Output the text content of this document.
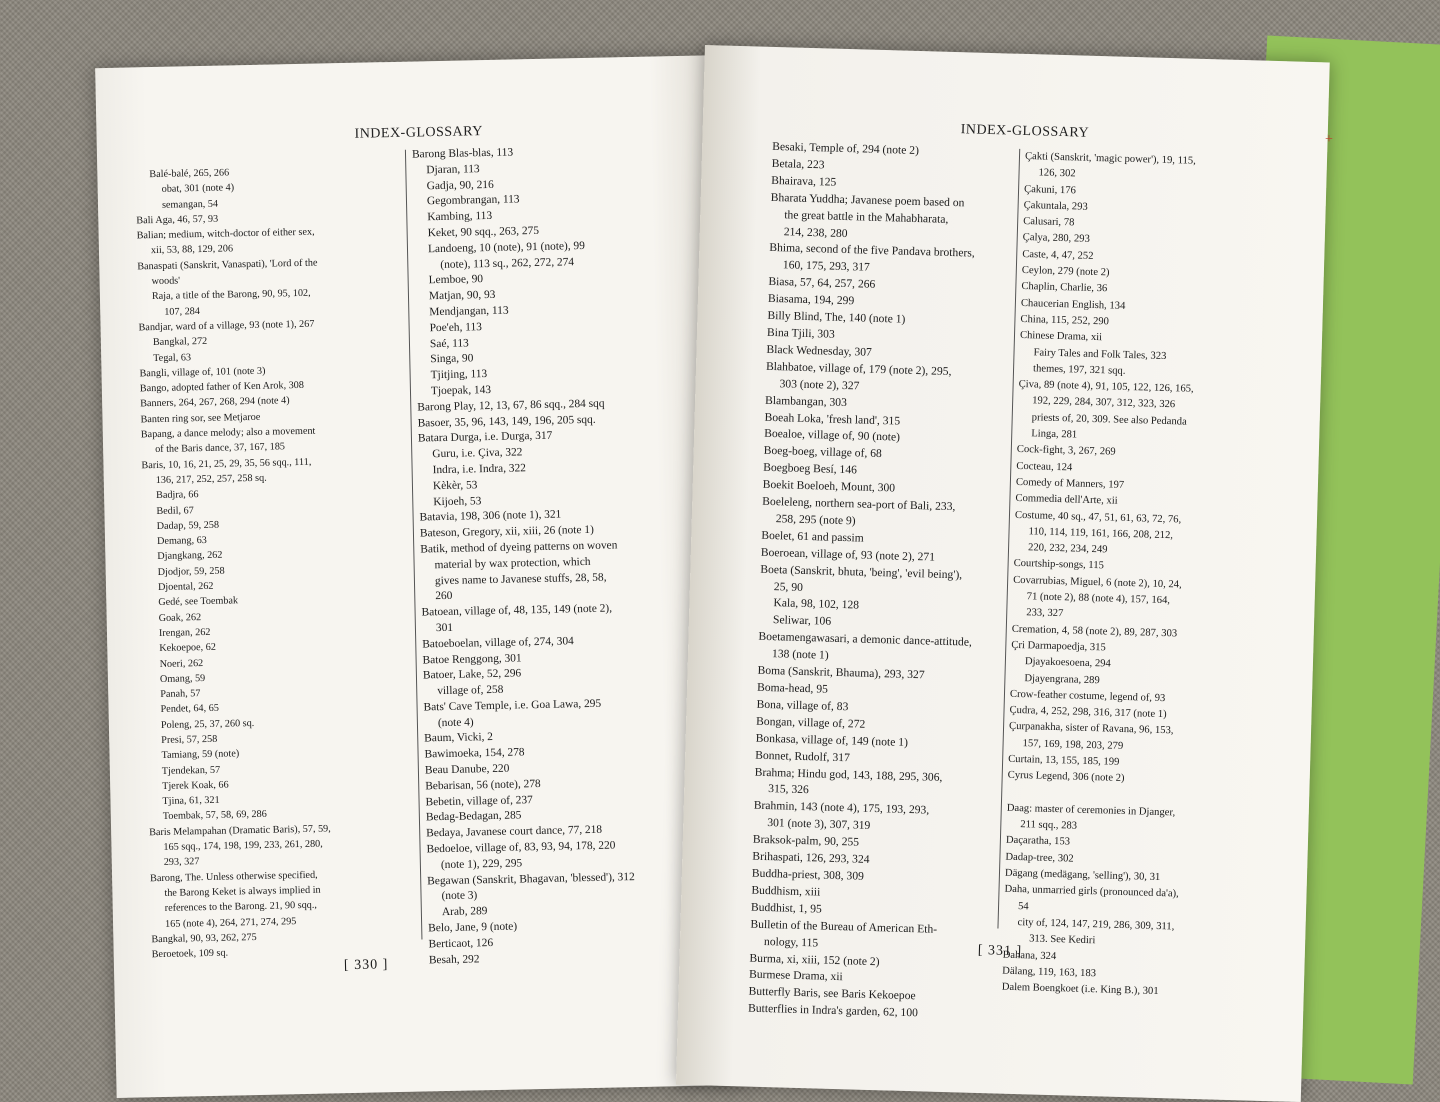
INDEX-GLOSSARY
Balé-balé, 265, 266
obat, 301 (note 4)
semangan, 54
Bali Aga, 46, 57, 93
Balian; medium, witch-doctor of either sex,
xii, 53, 88, 129, 206
Banaspati (Sanskrit, Vanaspati), 'Lord of the
woods'
Raja, a title of the Barong, 90, 95, 102,
107, 284
Bandjar, ward of a village, 93 (note 1), 267
Bangkal, 272
Tegal, 63
Bangli, village of, 101 (note 3)
Bango, adopted father of Ken Arok, 308
Banners, 264, 267, 268, 294 (note 4)
Banten ring sor, see Metjaroe
Bapang, a dance melody; also a movement
of the Baris dance, 37, 167, 185
Baris, 10, 16, 21, 25, 29, 35, 56 sqq., 111,
136, 217, 252, 257, 258 sq.
Badjra, 66
Bedil, 67
Dadap, 59, 258
Demang, 63
Djangkang, 262
Djodjor, 59, 258
Djoental, 262
Gedé, see Toembak
Goak, 262
Irengan, 262
Kekoepoe, 62
Noeri, 262
Omang, 59
Panah, 57
Pendet, 64, 65
Poleng, 25, 37, 260 sq.
Presi, 57, 258
Tamiang, 59 (note)
Tjendekan, 57
Tjerek Koak, 66
Tjina, 61, 321
Toembak, 57, 58, 69, 286
Baris Melampahan (Dramatic Baris), 57, 59,
165 sqq., 174, 198, 199, 233, 261, 280,
293, 327
Barong, The. Unless otherwise specified,
the Barong Keket is always implied in
references to the Barong. 21, 90 sqq.,
165 (note 4), 264, 271, 274, 295
Bangkal, 90, 93, 262, 275
Beroetoek, 109 sq.
Barong Blas-blas, 113
Djaran, 113
Gadja, 90, 216
Gegombrangan, 113
Kambing, 113
Keket, 90 sqq., 263, 275
Landoeng, 10 (note), 91 (note), 99
(note), 113 sq., 262, 272, 274
Lemboe, 90
Matjan, 90, 93
Mendjangan, 113
Poe'eh, 113
Saé, 113
Singa, 90
Tjitjing, 113
Tjoepak, 143
Barong Play, 12, 13, 67, 86 sqq., 284 sqq
Basoer, 35, 96, 143, 149, 196, 205 sqq.
Batara Durga, i.e. Durga, 317
Guru, i.e. Çiva, 322
Indra, i.e. Indra, 322
Kèkèr, 53
Kijoeh, 53
Batavia, 198, 306 (note 1), 321
Bateson, Gregory, xii, xiii, 26 (note 1)
Batik, method of dyeing patterns on woven
material by wax protection, which
gives name to Javanese stuffs, 28, 58,
260
Batoean, village of, 48, 135, 149 (note 2),
301
Batoeboelan, village of, 274, 304
Batoe Renggong, 301
Batoer, Lake, 52, 296
village of, 258
Bats' Cave Temple, i.e. Goa Lawa, 295
(note 4)
Baum, Vicki, 2
Bawimoeka, 154, 278
Beau Danube, 220
Bebarisan, 56 (note), 278
Bebetin, village of, 237
Bedag-Bedagan, 285
Bedaya, Javanese court dance, 77, 218
Bedoeloe, village of, 83, 93, 94, 178, 220
(note 1), 229, 295
Begawan (Sanskrit, Bhagavan, 'blessed'), 312
(note 3)
Arab, 289
Belo, Jane, 9 (note)
Berticaot, 126
Besah, 292
[ 330 ]
INDEX-GLOSSARY
Besaki, Temple of, 294 (note 2)
Betala, 223
Bhairava, 125
Bharata Yuddha; Javanese poem based on
the great battle in the Mahabharata,
214, 238, 280
Bhima, second of the five Pandava brothers,
160, 175, 293, 317
Biasa, 57, 64, 257, 266
Biasama, 194, 299
Billy Blind, The, 140 (note 1)
Bina Tjili, 303
Black Wednesday, 307
Blahbatoe, village of, 179 (note 2), 295,
303 (note 2), 327
Blambangan, 303
Boeah Loka, 'fresh land', 315
Boealoe, village of, 90 (note)
Boeg-boeg, village of, 68
Boegboeg Besí, 146
Boekit Boeloeh, Mount, 300
Boeleleng, northern sea-port of Bali, 233,
258, 295 (note 9)
Boelet, 61 and passim
Boeroean, village of, 93 (note 2), 271
Boeta (Sanskrit, bhuta, 'being', 'evil being'),
25, 90
Kala, 98, 102, 128
Seliwar, 106
Boetamengawasari, a demonic dance-attitude,
138 (note 1)
Boma (Sanskrit, Bhauma), 293, 327
Boma-head, 95
Bona, village of, 83
Bongan, village of, 272
Bonkasa, village of, 149 (note 1)
Bonnet, Rudolf, 317
Brahma; Hindu god, 143, 188, 295, 306,
315, 326
Brahmin, 143 (note 4), 175, 193, 293,
301 (note 3), 307, 319
Braksok-palm, 90, 255
Brihaspati, 126, 293, 324
Buddha-priest, 308, 309
Buddhism, xiii
Buddhist, 1, 95
Bulletin of the Bureau of American Eth-
nology, 115
Burma, xi, xiii, 152 (note 2)
Burmese Drama, xii
Butterfly Baris, see Baris Kekoepoe
Butterflies in Indra's garden, 62, 100
Çakti (Sanskrit, 'magic power'), 19, 115,
126, 302
Çakuni, 176
Çakuntala, 293
Calusari, 78
Çalya, 280, 293
Caste, 4, 47, 252
Ceylon, 279 (note 2)
Chaplin, Charlie, 36
Chaucerian English, 134
China, 115, 252, 290
Chinese Drama, xii
Fairy Tales and Folk Tales, 323
themes, 197, 321 sqq.
Çiva, 89 (note 4), 91, 105, 122, 126, 165,
192, 229, 284, 307, 312, 323, 326
priests of, 20, 309. See also Pedanda
Linga, 281
Cock-fight, 3, 267, 269
Cocteau, 124
Comedy of Manners, 197
Commedia dell'Arte, xii
Costume, 40 sq., 47, 51, 61, 63, 72, 76,
110, 114, 119, 161, 166, 208, 212,
220, 232, 234, 249
Courtship-songs, 115
Covarrubias, Miguel, 6 (note 2), 10, 24,
71 (note 2), 88 (note 4), 157, 164,
233, 327
Cremation, 4, 58 (note 2), 89, 287, 303
Çri Darmapoedja, 315
Djayakoesoena, 294
Djayengrana, 289
Crow-feather costume, legend of, 93
Çudra, 4, 252, 298, 316, 317 (note 1)
Çurpanakha, sister of Ravana, 96, 153,
157, 169, 198, 203, 279
Curtain, 13, 155, 185, 199
Cyrus Legend, 306 (note 2)

Daag: master of ceremonies in Djanger,
211 sqq., 283
Daçaratha, 153
Dadap-tree, 302
Dägang (medägang, 'selling'), 30, 31
Daha, unmarried girls (pronounced da'a),
54
city of, 124, 147, 219, 286, 309, 311,
313. See Kediri
Dahana, 324
Dälang, 119, 163, 183
Dalem Boengkoet (i.e. King B.), 301
[ 331 ]
+
